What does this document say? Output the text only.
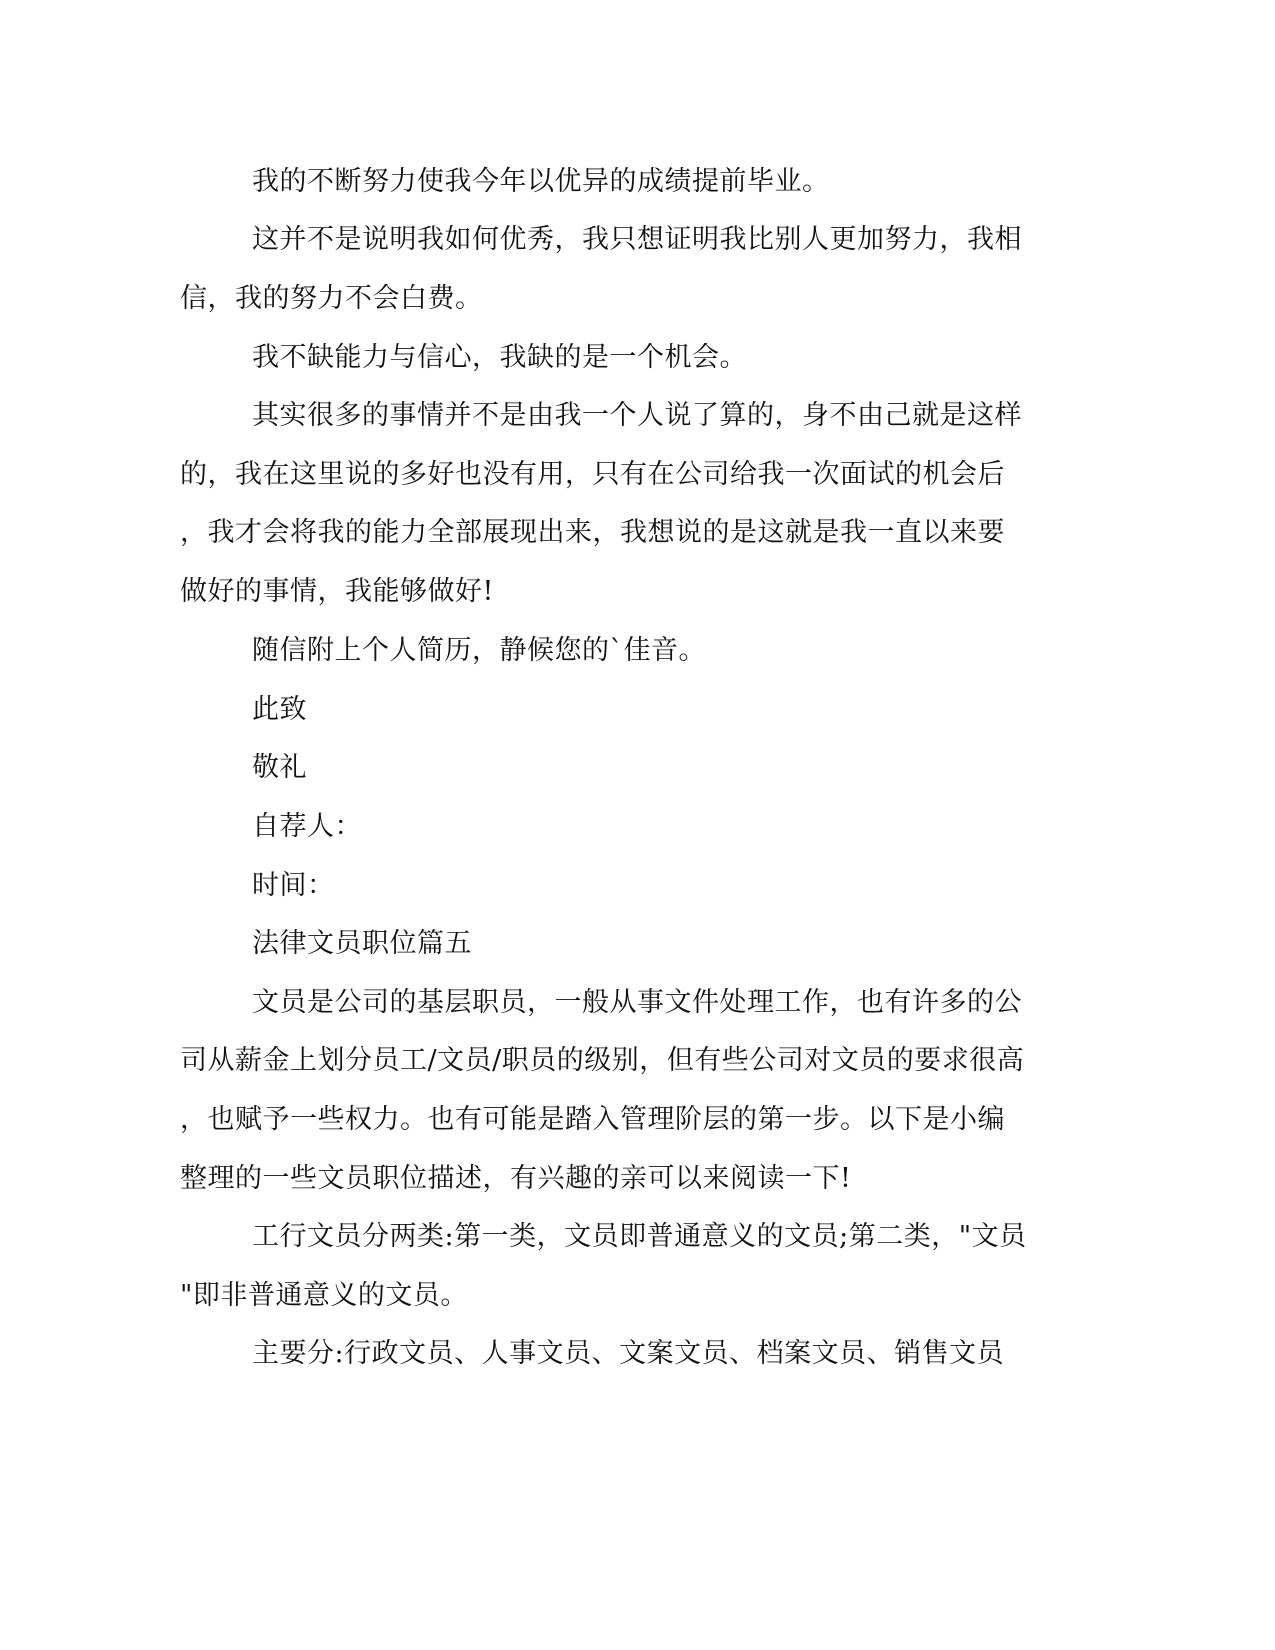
我的不断努力使我今年以优异的成绩提前毕业。
这并不是说明我如何优秀，我只想证明我比别人更加努力，我相
信，我的努力不会白费。
我不缺能力与信心，我缺的是一个机会。
其实很多的事情并不是由我一个人说了算的，身不由己就是这样
的，我在这里说的多好也没有用，只有在公司给我一次面试的机会后
，我才会将我的能力全部展现出来，我想说的是这就是我一直以来要
做好的事情，我能够做好!
随信附上个人简历，静候您的`佳音。
此致
敬礼
自荐人：
时间：
法律文员职位篇五
文员是公司的基层职员，一般从事文件处理工作，也有许多的公
司从薪金上划分员工/文员/职员的级别，但有些公司对文员的要求很高
，也赋予一些权力。也有可能是踏入管理阶层的第一步。以下是小编
整理的一些文员职位描述，有兴趣的亲可以来阅读一下!
工行文员分两类:第一类，文员即普通意义的文员;第二类，"文员
"即非普通意义的文员。
主要分:行政文员、人事文员、文案文员、档案文员、销售文员
